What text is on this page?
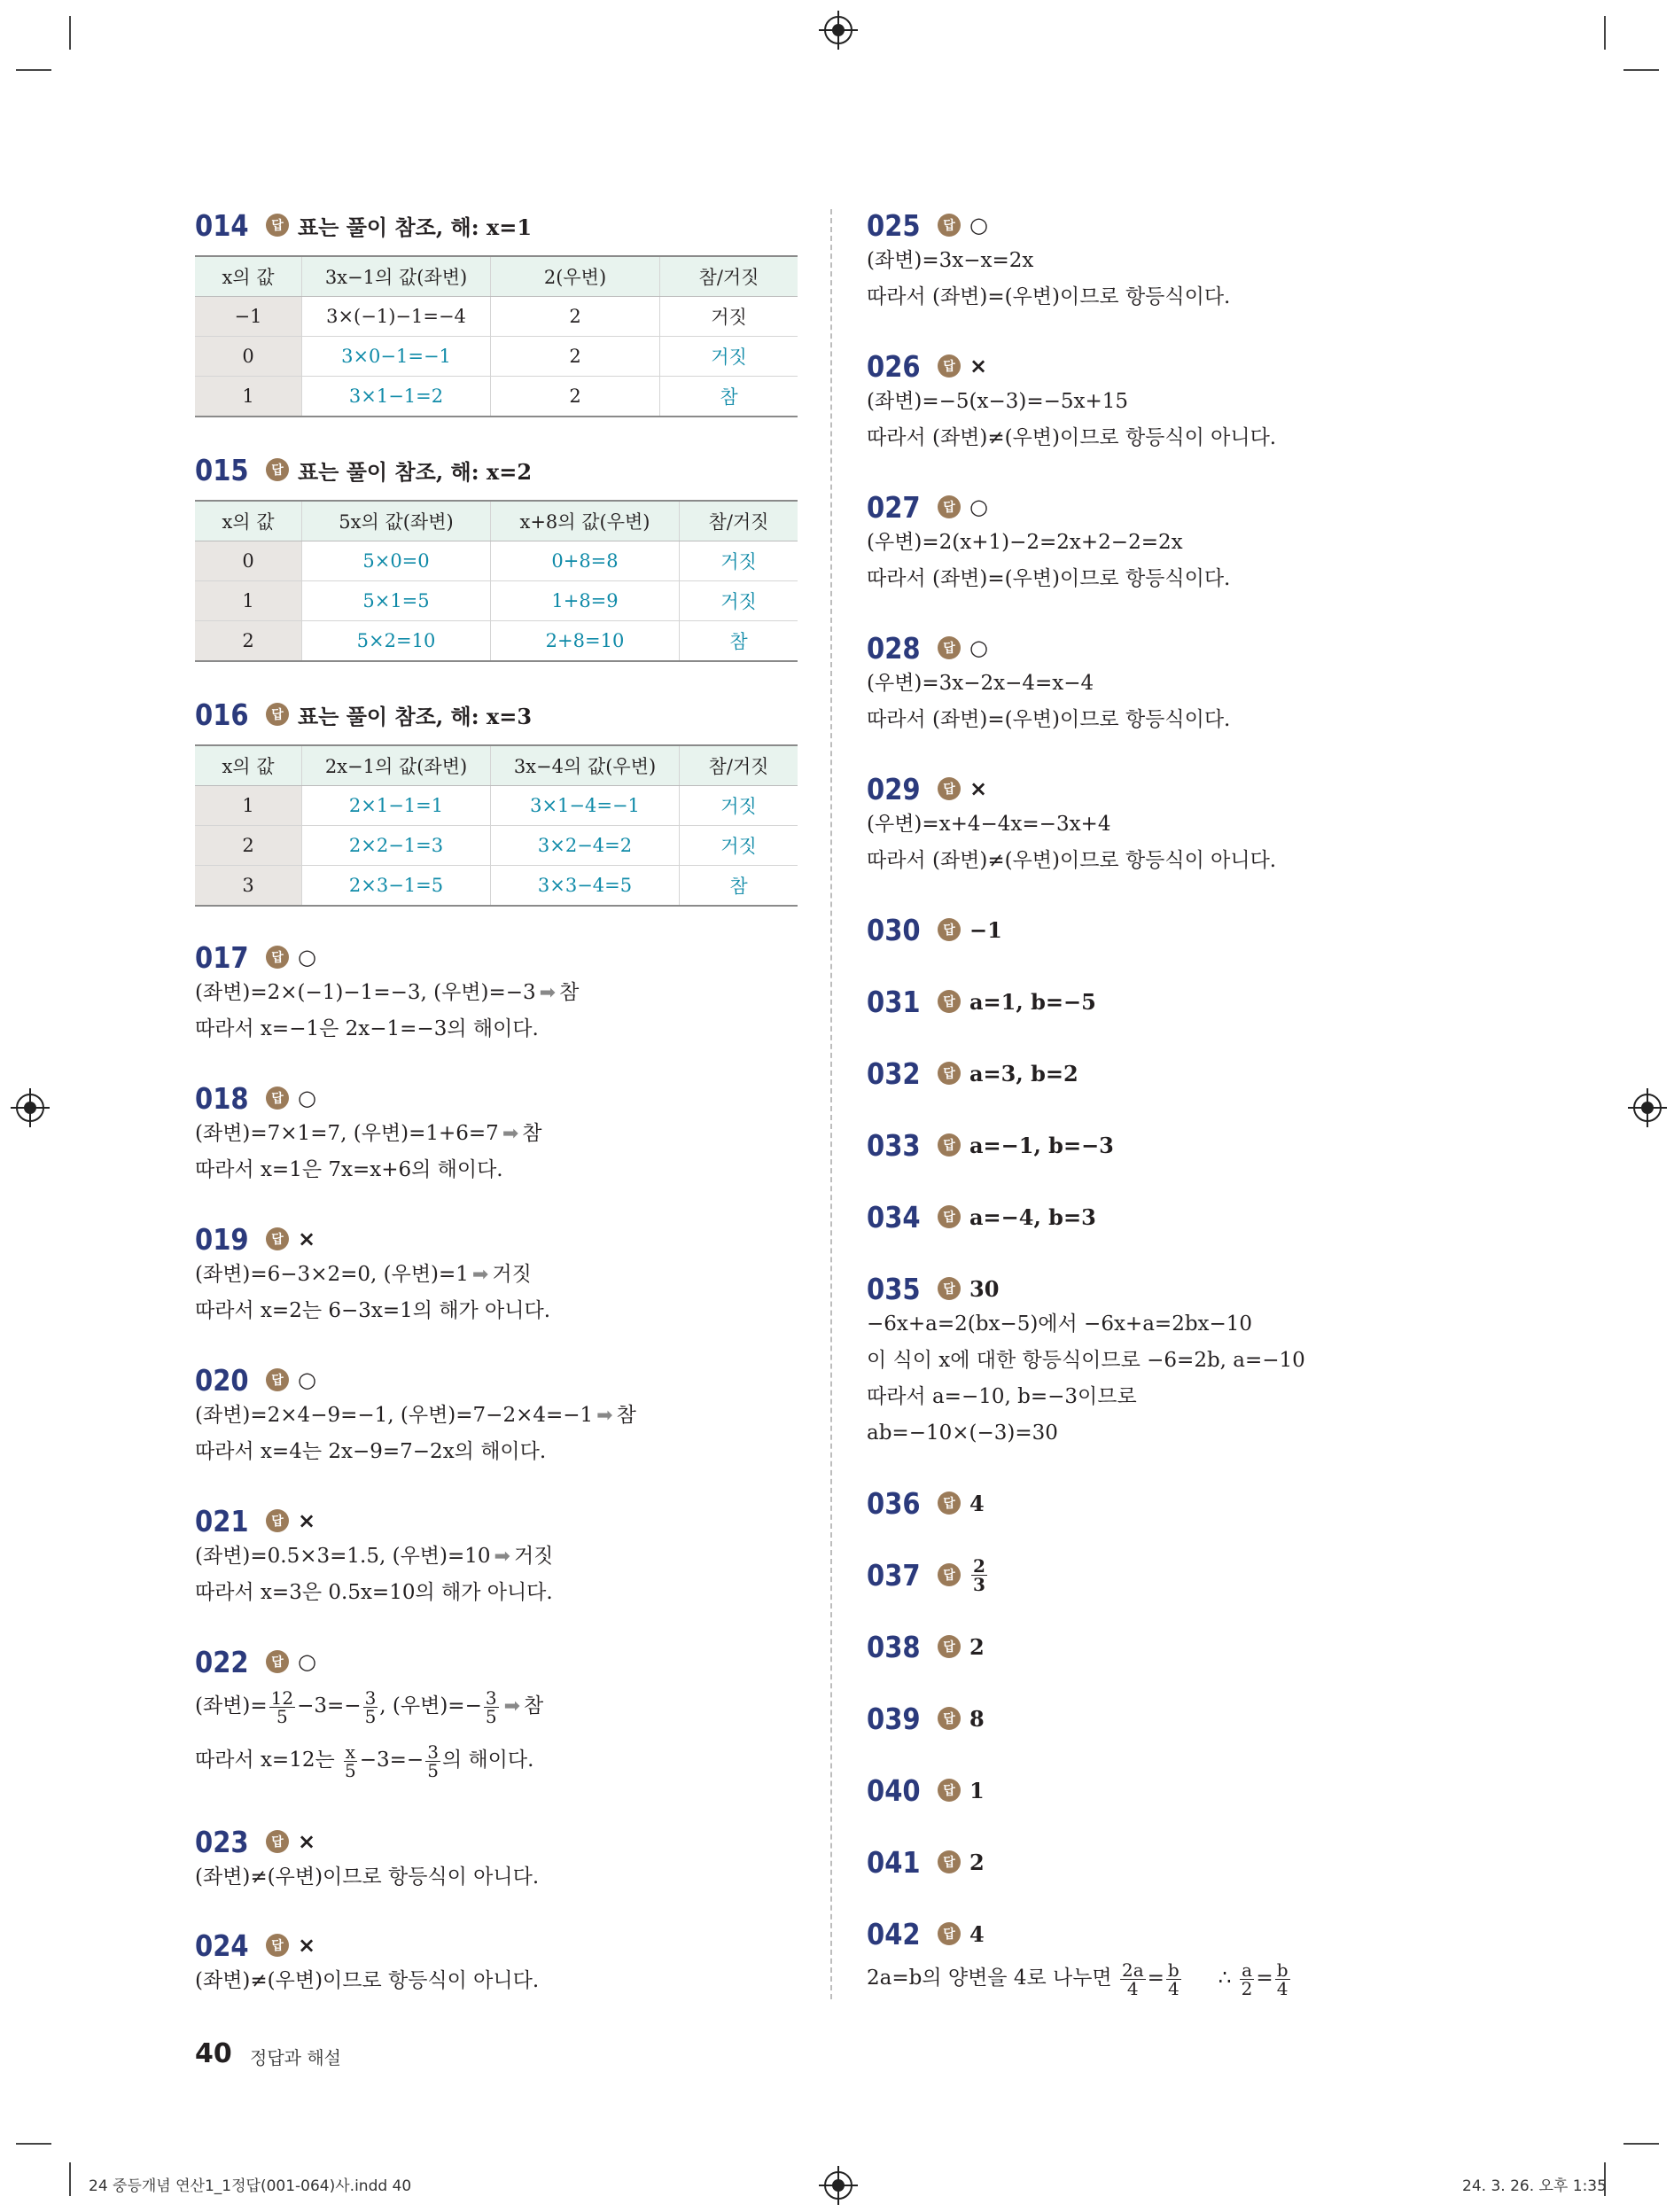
014	답 표는 풀이 참조, 해: x=1
x의 값	3x−1의 값(좌변)	2(우변)	참/거짓
−1	3×(−1)−1=−4	2	거짓
0	3×0−1=−1	2	거짓
1	3×1−1=2	2	참
015	답 표는 풀이 참조, 해: x=2
x의 값	5x의 값(좌변)	x+8의 값(우변)	참/거짓
0	5×0=0	0+8=8	거짓
1	5×1=5	1+8=9	거짓
2	5×2=10	2+8=10	참
016	답 표는 풀이 참조, 해: x=3
x의 값	2x−1의 값(좌변)	3x−4의 값(우변)	참/거짓
1	2×1−1=1	3×1−4=−1	거짓
2	2×2−1=3	3×2−4=2	거짓
3	2×3−1=5	3×3−4=5	참
017	답 ○
(좌변)=2×(−1)−1=−3, (우변)=−3 ➡ 참
따라서 x=−1은 2x−1=−3의 해이다.
018	답 ○
(좌변)=7×1=7, (우변)=1+6=7 ➡ 참
따라서 x=1은 7x=x+6의 해이다.
019	답 ×
(좌변)=6−3×2=0, (우변)=1 ➡ 거짓
따라서 x=2는 6−3x=1의 해가 아니다.
020	답 ○
(좌변)=2×4−9=−1, (우변)=7−2×4=−1 ➡ 참
따라서 x=4는 2x−9=7−2x의 해이다.
021	답 ×
(좌변)=0.5×3=1.5, (우변)=10 ➡ 거짓
따라서 x=3은 0.5x=10의 해가 아니다.
022	답 ○
(좌변)= $\frac{12}{5} -3=- \frac{3}{5}$ , (우변)=− $\frac{3}{5}$ ➡ 참
따라서 x=12는 $\frac{x}{5} -3=- \frac{3}{5}$ 의 해이다.
023	답 ×
(좌변)≠(우변)이므로 항등식이 아니다.
024	답 ×
(좌변)≠(우변)이므로 항등식이 아니다.
025	답 ○
(좌변)=3x−x=2x
따라서 (좌변)=(우변)이므로 항등식이다.
026	답 ×
(좌변)=−5(x−3)=−5x+15
따라서 (좌변)≠(우변)이므로 항등식이 아니다.
027	답 ○
(우변)=2(x+1)−2=2x+2−2=2x
따라서 (좌변)=(우변)이므로 항등식이다.
028	답 ○
(우변)=3x−2x−4=x−4
따라서 (좌변)=(우변)이므로 항등식이다.
029	답 ×
(우변)=x+4−4x=−3x+4
따라서 (좌변)≠(우변)이므로 항등식이 아니다.
030	답 −1
031	답 a=1, b=−5
032	답 a=3, b=2
033	답 a=−1, b=−3
034	답 a=−4, b=3
035	답 30
−6x+a=2(bx−5)에서 −6x+a=2bx−10
이 식이 x에 대한 항등식이므로 −6=2b, a=−10
따라서 a=−10, b=−3이므로
ab=−10×(−3)=30
036	답 4
037	답 $\frac{2}{3}$
038	답 2
039	답 8
040	답 1
041	답 2
042	답 4
2a=b의 양변을 4로 나누면 $\frac{2a}{4} = \frac{b}{4}$ ∴ $\frac{a}{2} = \frac{b}{4}$
40 정답과 해설
24 중등개념 연산1_1정답(001-064)사.indd 40	24. 3. 26. 오후 1:35
